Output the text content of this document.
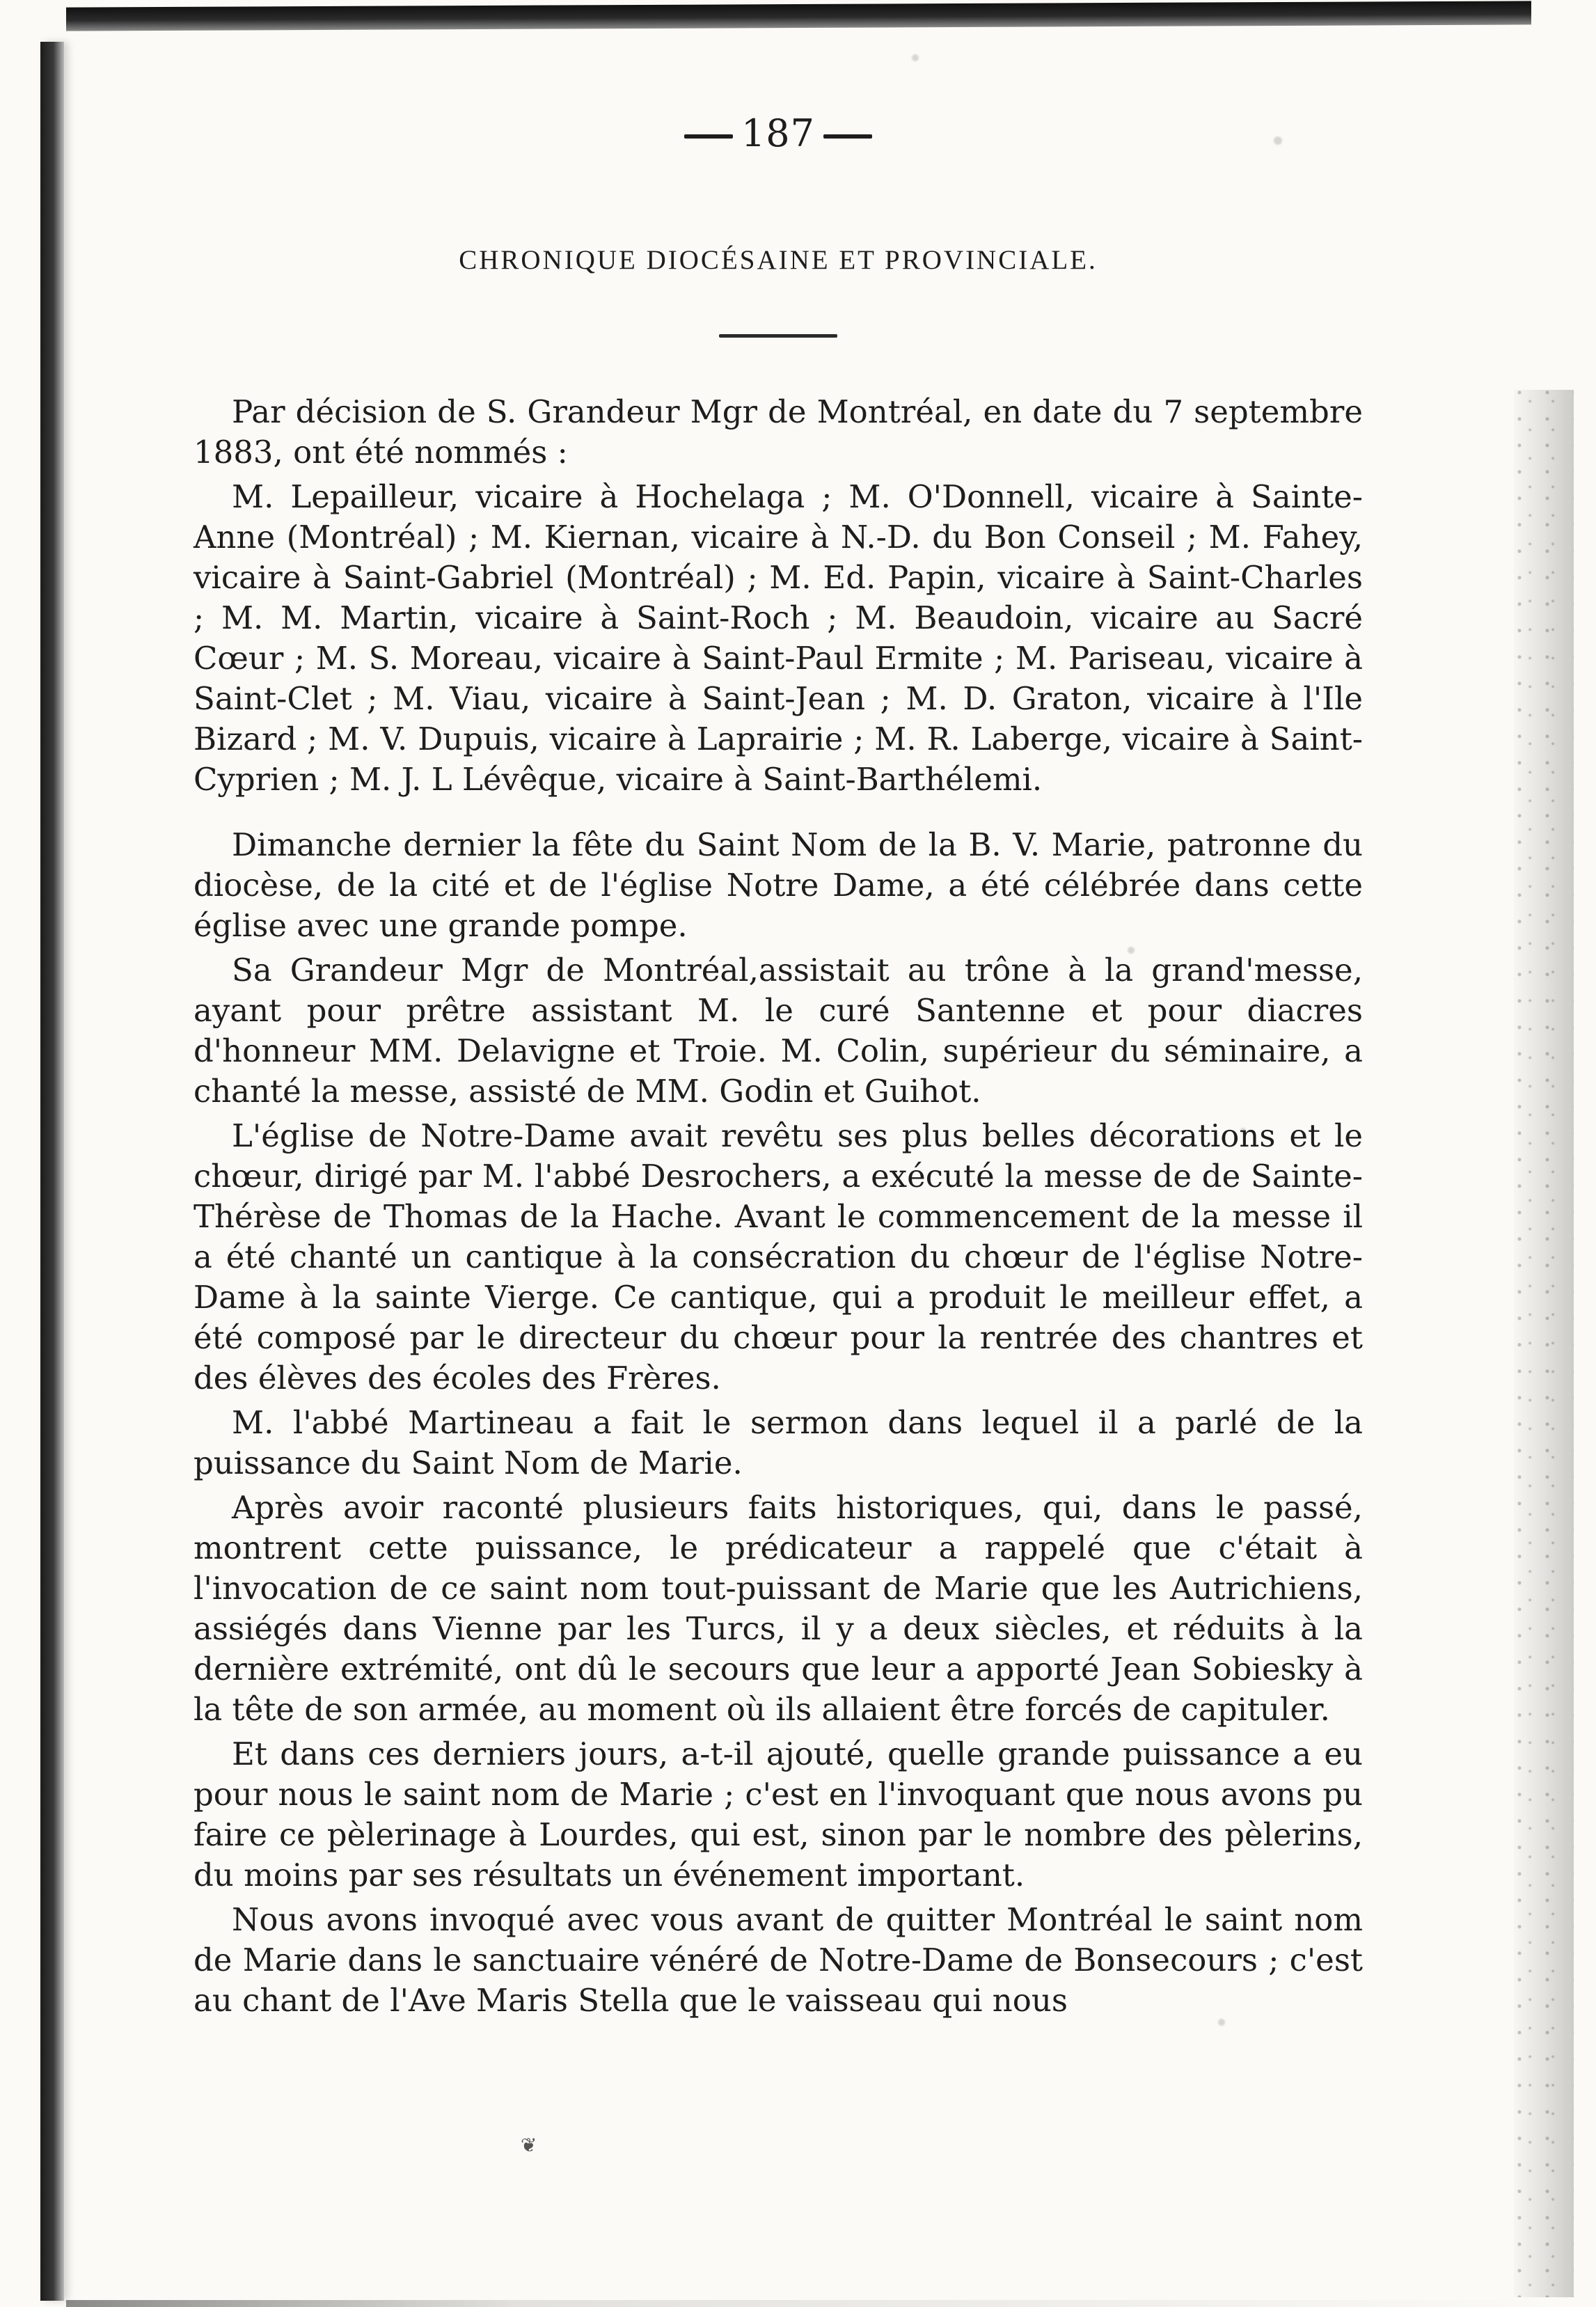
187
CHRONIQUE DIOCÉSAINE ET PROVINCIALE.

Par décision de S. Grandeur Mgr de Montréal, en date du 7 septembre 1883, ont été nommés :

M. Lepailleur, vicaire à Hochelaga ; M. O'Donnell, vicaire à Sainte-Anne (Montréal) ; M. Kiernan, vicaire à N.-D. du Bon Conseil ; M. Fahey, vicaire à Saint-Gabriel (Montréal) ; M. Ed. Papin, vicaire à Saint-Charles ; M. M. Martin, vicaire à Saint-Roch ; M. Beaudoin, vicaire au Sacré Cœur ; M. S. Moreau, vicaire à Saint-Paul Ermite ; M. Pariseau, vicaire à Saint-Clet ; M. Viau, vicaire à Saint-Jean ; M. D. Graton, vicaire à l'Ile Bizard ; M. V. Dupuis, vicaire à Laprairie ; M. R. Laberge, vicaire à Saint-Cyprien ; M. J. L Lévêque, vicaire à Saint-Barthélemi.

Dimanche dernier la fête du Saint Nom de la B. V. Marie, patronne du diocèse, de la cité et de l'église Notre Dame, a été célébrée dans cette église avec une grande pompe.

Sa Grandeur Mgr de Montréal,assistait au trône à la grand'messe, ayant pour prêtre assistant M. le curé Santenne et pour diacres d'honneur MM. Delavigne et Troie. M. Colin, supérieur du séminaire, a chanté la messe, assisté de MM. Godin et Guihot.

L'église de Notre-Dame avait revêtu ses plus belles décorations et le chœur, dirigé par M. l'abbé Desrochers, a exécuté la messe de de Sainte-Thérèse de Thomas de la Hache. Avant le commencement de la messe il a été chanté un cantique à la consécration du chœur de l'église Notre-Dame à la sainte Vierge. Ce cantique, qui a produit le meilleur effet, a été composé par le directeur du chœur pour la rentrée des chantres et des élèves des écoles des Frères.

M. l'abbé Martineau a fait le sermon dans lequel il a parlé de la puissance du Saint Nom de Marie.

Après avoir raconté plusieurs faits historiques, qui, dans le passé, montrent cette puissance, le prédicateur a rappelé que c'était à l'invocation de ce saint nom tout-puissant de Marie que les Autrichiens, assiégés dans Vienne par les Turcs, il y a deux siècles, et réduits à la dernière extrémité, ont dû le secours que leur a apporté Jean Sobiesky à la tête de son armée, au moment où ils allaient être forcés de capituler.

Et dans ces derniers jours, a-t-il ajouté, quelle grande puissance a eu pour nous le saint nom de Marie ; c'est en l'invoquant que nous avons pu faire ce pèlerinage à Lourdes, qui est, sinon par le nombre des pèlerins, du moins par ses résultats un événement important.

Nous avons invoqué avec vous avant de quitter Montréal le saint nom de Marie dans le sanctuaire vénéré de Notre-Dame de Bonsecours ; c'est au chant de l'Ave Maris Stella que le vaisseau qui nous

❦
